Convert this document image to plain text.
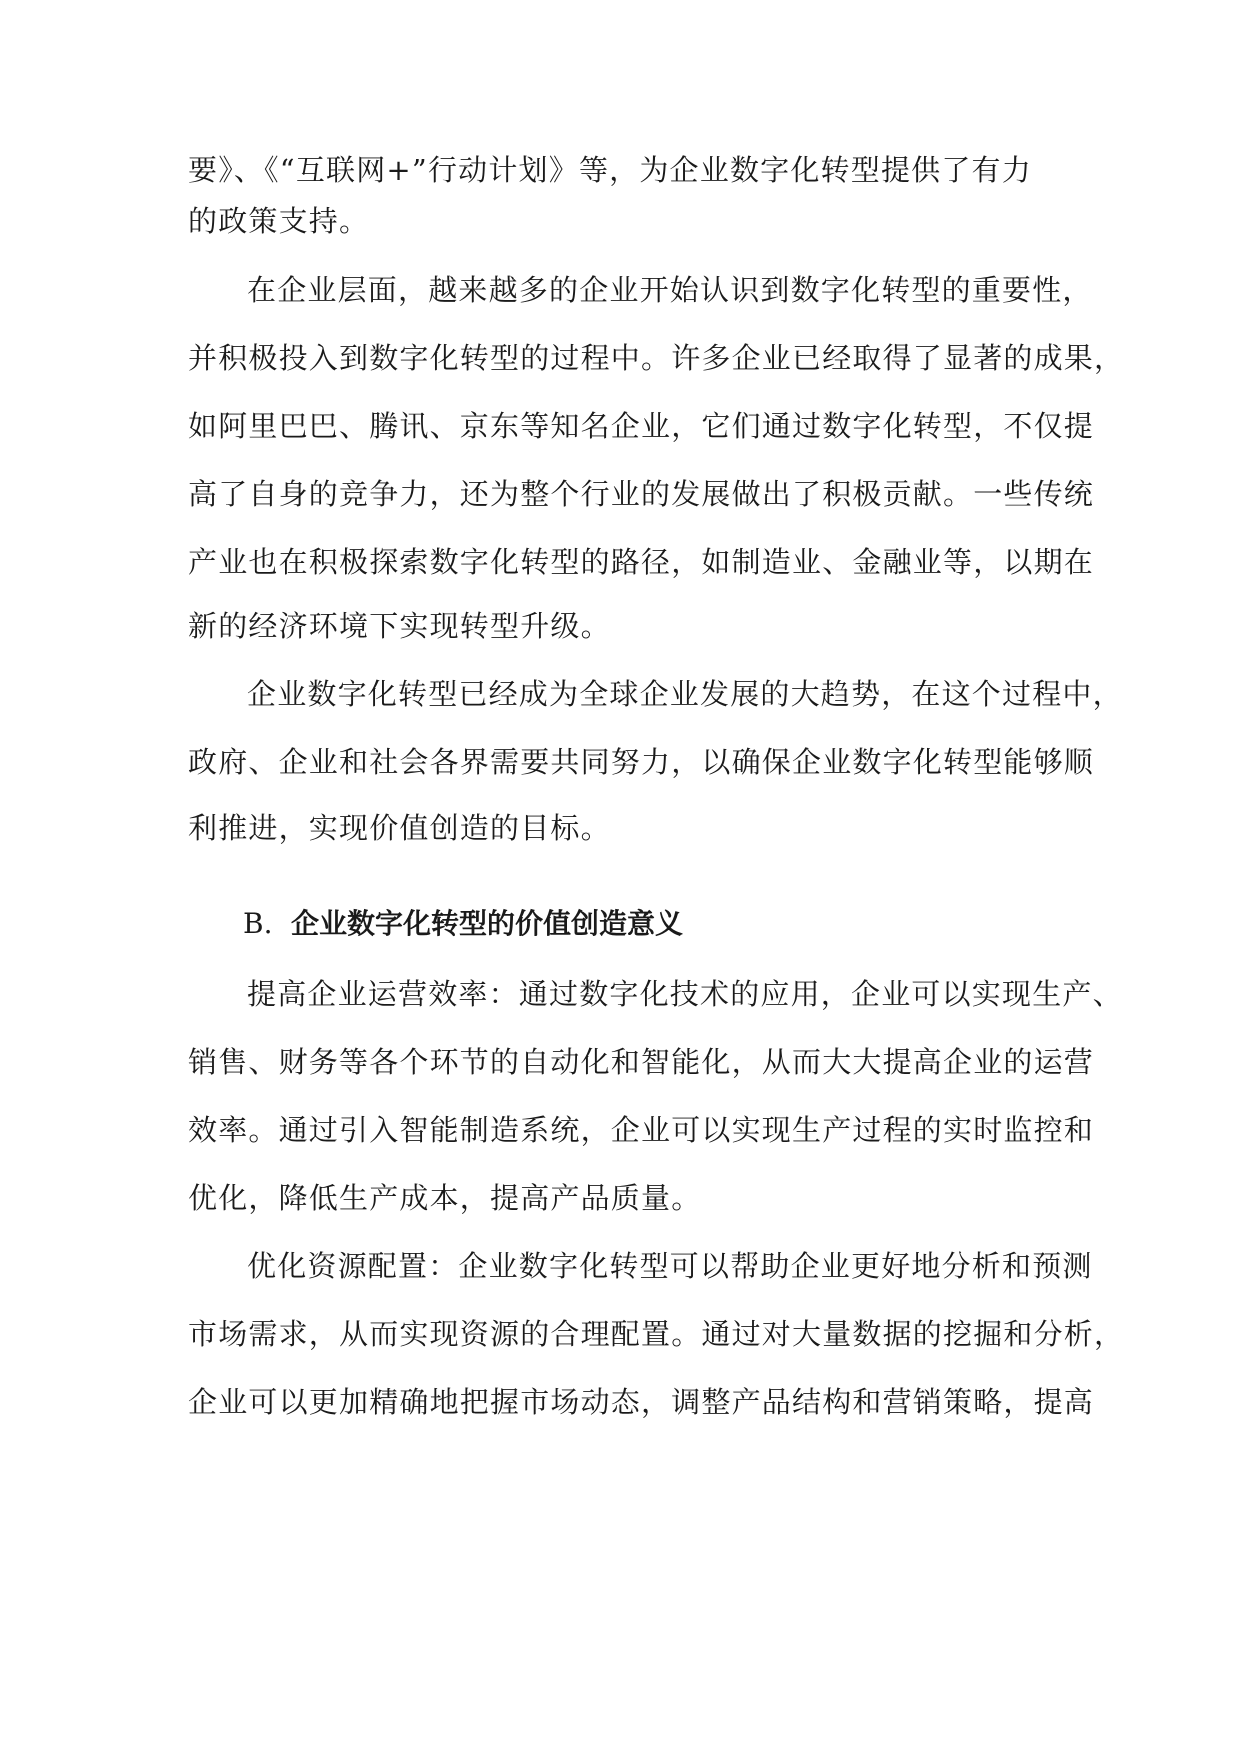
要》、《“互联网+”行动计划》等，为企业数字化转型提供了有力
的政策支持。
在企业层面，越来越多的企业开始认识到数字化转型的重要性，
并积极投入到数字化转型的过程中。许多企业已经取得了显著的成果，
如阿里巴巴、腾讯、京东等知名企业，它们通过数字化转型，不仅提
高了自身的竞争力，还为整个行业的发展做出了积极贡献。一些传统
产业也在积极探索数字化转型的路径，如制造业、金融业等，以期在
新的经济环境下实现转型升级。
企业数字化转型已经成为全球企业发展的大趋势，在这个过程中，
政府、企业和社会各界需要共同努力，以确保企业数字化转型能够顺
利推进，实现价值创造的目标。
B. 企业数字化转型的价值创造意义
提高企业运营效率：通过数字化技术的应用，企业可以实现生产、
销售、财务等各个环节的自动化和智能化，从而大大提高企业的运营
效率。通过引入智能制造系统，企业可以实现生产过程的实时监控和
优化，降低生产成本，提高产品质量。
优化资源配置：企业数字化转型可以帮助企业更好地分析和预测
市场需求，从而实现资源的合理配置。通过对大量数据的挖掘和分析，
企业可以更加精确地把握市场动态，调整产品结构和营销策略，提高
